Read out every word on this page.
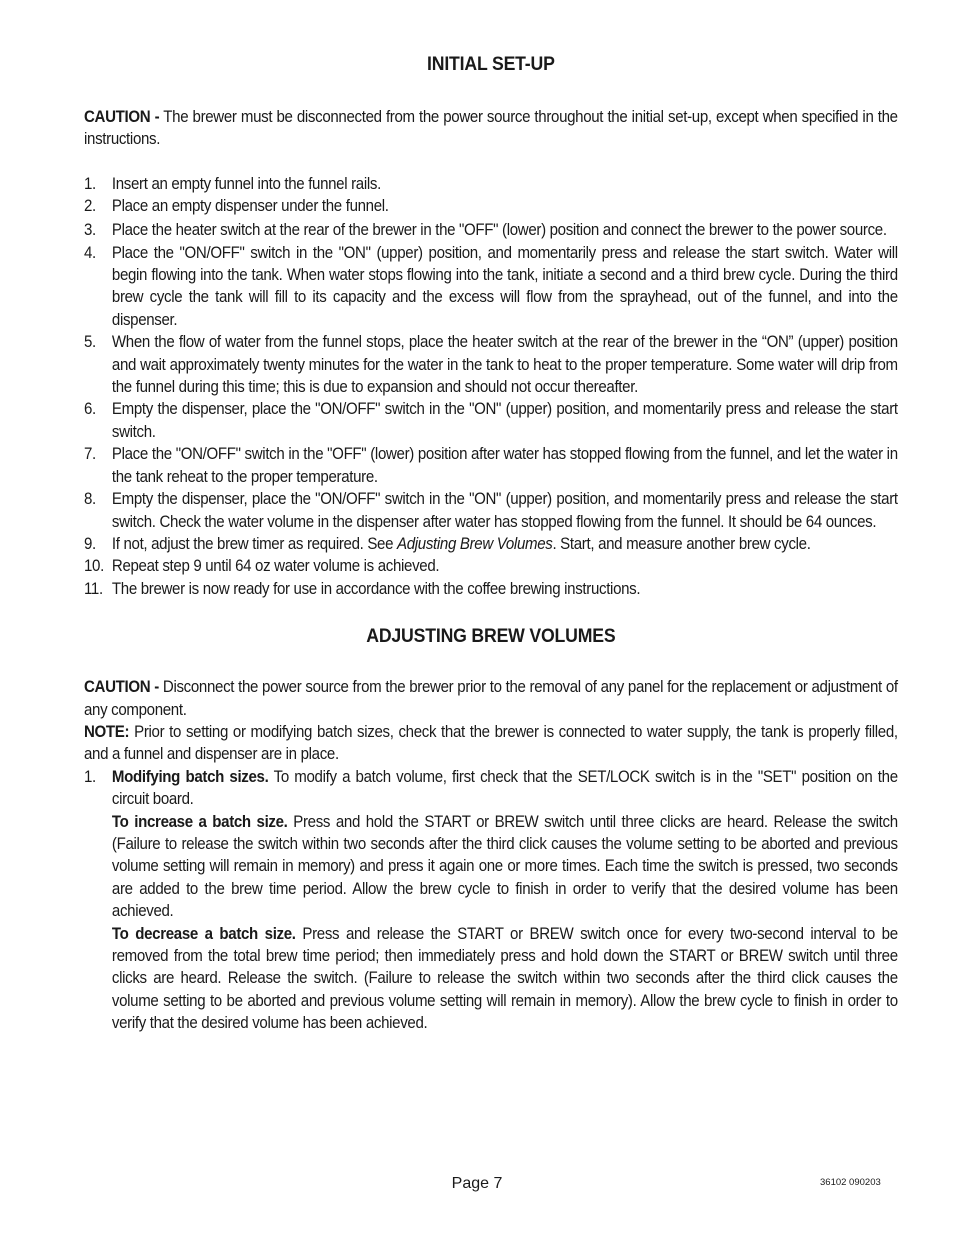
INITIAL SET-UP

CAUTION - The brewer must be disconnected from the power source throughout the initial set-up, except when specified in the instructions.

1. Insert an empty funnel into the funnel rails.
2. Place an empty dispenser under the funnel.
3. Place the heater switch at the rear of the brewer in the "OFF" (lower) position and connect the brewer to the power source.
4. Place the "ON/OFF" switch in the "ON" (upper) position, and momentarily press and release the start switch. Water will begin flowing into the tank. When water stops flowing into the tank, initiate a second and a third brew cycle. During the third brew cycle the tank will fill to its capacity and the excess will flow from the sprayhead, out of the funnel, and into the dispenser.
5. When the flow of water from the funnel stops, place the heater switch at the rear of the brewer in the “ON” (upper) position and wait approximately twenty minutes for the water in the tank to heat to the proper temperature. Some water will drip from the funnel during this time; this is due to expansion and should not occur thereafter.
6. Empty the dispenser, place the "ON/OFF" switch in the "ON" (upper) position, and momentarily press and release the start switch.
7. Place the "ON/OFF" switch in the "OFF" (lower) position after water has stopped flowing from the funnel, and let the water in the tank reheat to the proper temperature.
8. Empty the dispenser, place the "ON/OFF" switch in the "ON" (upper) position, and momentarily press and release the start switch. Check the water volume in the dispenser after water has stopped flowing from the funnel. It should be 64 ounces.
9. If not, adjust the brew timer as required. See Adjusting Brew Volumes. Start, and measure another brew cycle.
10. Repeat step 9 until 64 oz water volume is achieved.
11. The brewer is now ready for use in accordance with the coffee brewing instructions.
ADJUSTING BREW VOLUMES

CAUTION - Disconnect the power source from the brewer prior to the removal of any panel for the replacement or adjustment of any component.

NOTE: Prior to setting or modifying batch sizes, check that the brewer is connected to water supply, the tank is properly filled, and a funnel and dispenser are in place.

1. Modifying batch sizes. To modify a batch volume, first check that the SET/LOCK switch is in the "SET" position on the circuit board.

To increase a batch size. Press and hold the START or BREW switch until three clicks are heard. Release the switch (Failure to release the switch within two seconds after the third click causes the volume setting to be aborted and previous volume setting will remain in memory) and press it again one or more times. Each time the switch is pressed, two seconds are added to the brew time period. Allow the brew cycle to finish in order to verify that the desired volume has been achieved.

To decrease a batch size. Press and release the START or BREW switch once for every two-second interval to be removed from the total brew time period; then immediately press and hold down the START or BREW switch until three clicks are heard. Release the switch. (Failure to release the switch within two seconds after the third click causes the volume setting to be aborted and previous volume setting will remain in memory). Allow the brew cycle to finish in order to verify that the desired volume has been achieved.

Page 7	36102 090203
